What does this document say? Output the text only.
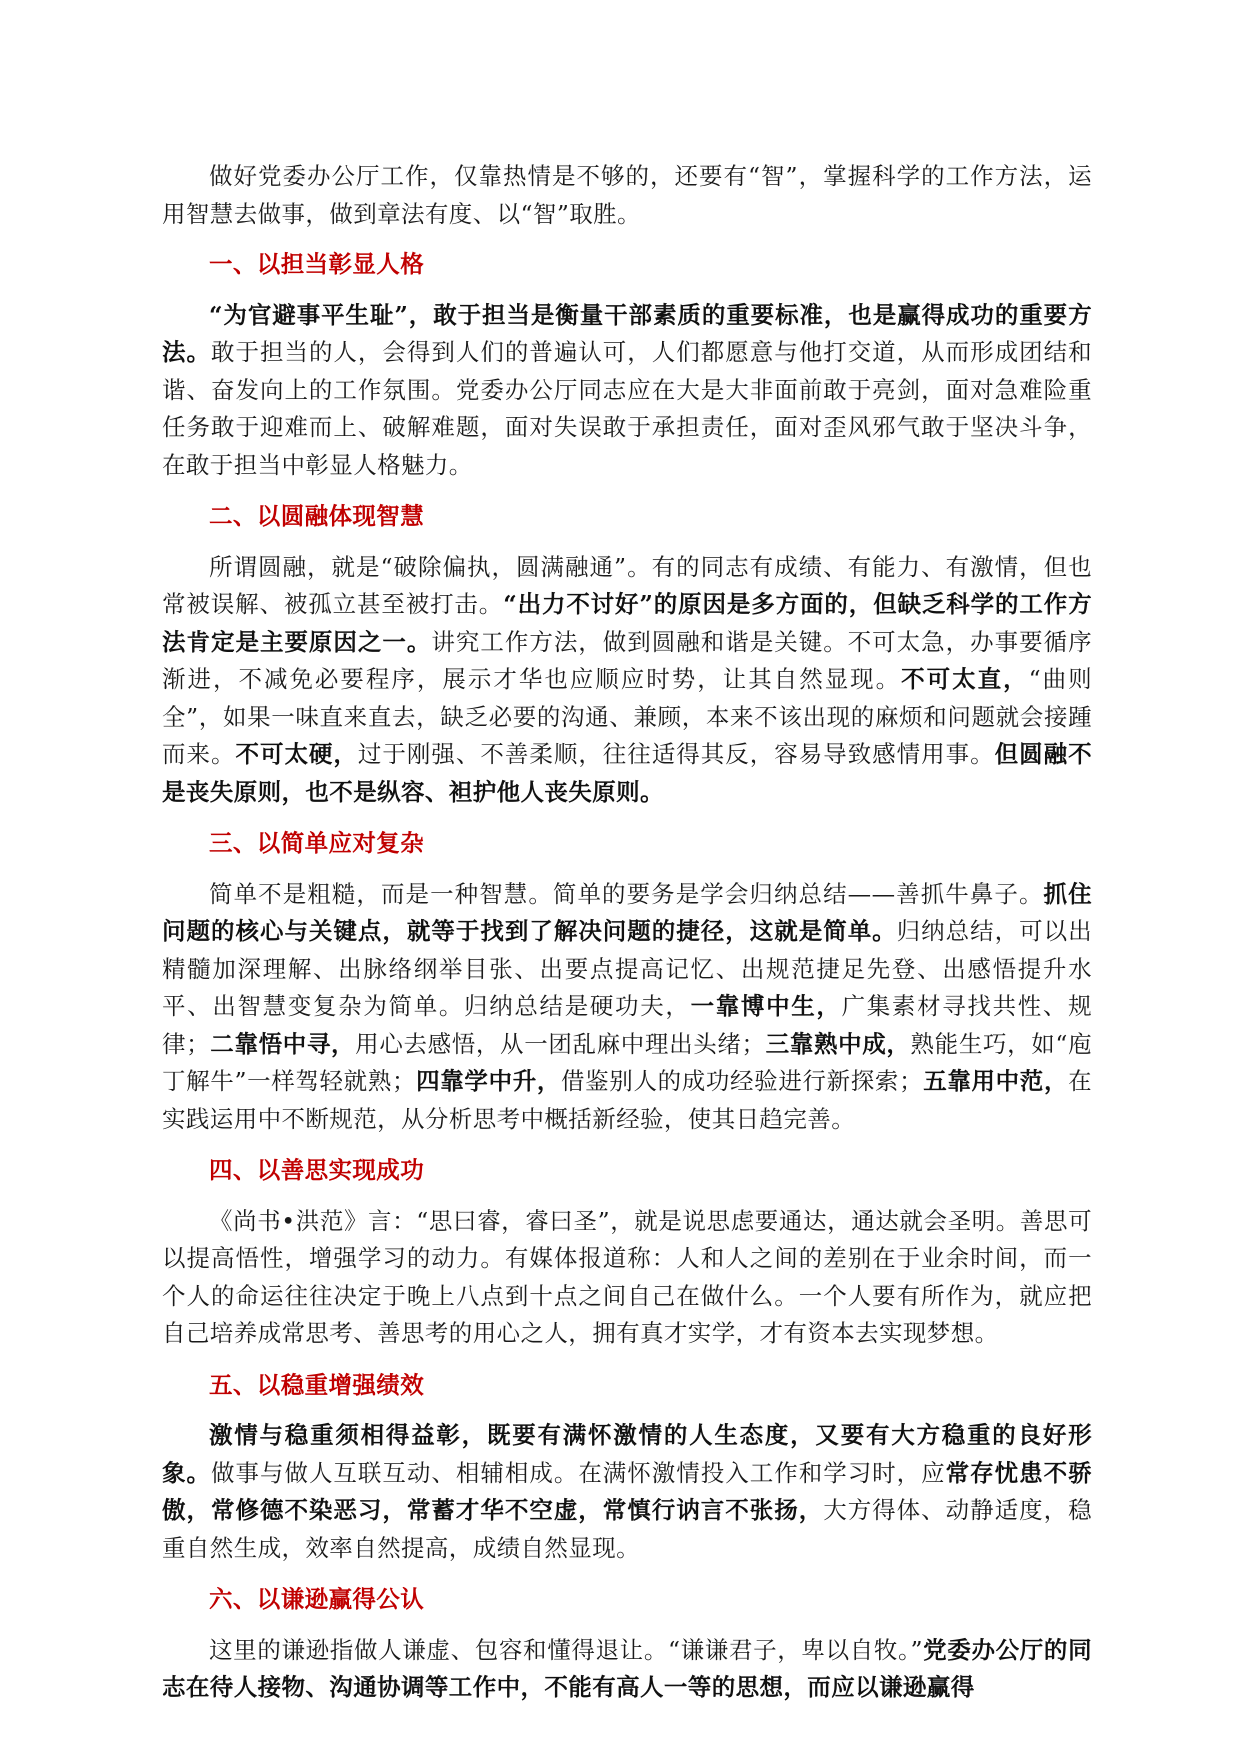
做好党委办公厅工作，仅靠热情是不够的，还要有“智”，掌握科学的工作方法，运用智慧去做事，做到章法有度、以“智”取胜。

一、以担当彰显人格

“为官避事平生耻”，敢于担当是衡量干部素质的重要标准，也是赢得成功的重要方法。敢于担当的人，会得到人们的普遍认可，人们都愿意与他打交道，从而形成团结和谐、奋发向上的工作氛围。党委办公厅同志应在大是大非面前敢于亮剑，面对急难险重任务敢于迎难而上、破解难题，面对失误敢于承担责任，面对歪风邪气敢于坚决斗争，在敢于担当中彰显人格魅力。

二、以圆融体现智慧

所谓圆融，就是“破除偏执，圆满融通”。有的同志有成绩、有能力、有激情，但也常被误解、被孤立甚至被打击。“出力不讨好”的原因是多方面的，但缺乏科学的工作方法肯定是主要原因之一。讲究工作方法，做到圆融和谐是关键。不可太急，办事要循序渐进，不减免必要程序，展示才华也应顺应时势，让其自然显现。不可太直，“曲则全”，如果一味直来直去，缺乏必要的沟通、兼顾，本来不该出现的麻烦和问题就会接踵而来。不可太硬，过于刚强、不善柔顺，往往适得其反，容易导致感情用事。但圆融不是丧失原则，也不是纵容、袒护他人丧失原则。

三、以简单应对复杂

简单不是粗糙，而是一种智慧。简单的要务是学会归纳总结——善抓牛鼻子。抓住问题的核心与关键点，就等于找到了解决问题的捷径，这就是简单。归纳总结，可以出精髓加深理解、出脉络纲举目张、出要点提高记忆、出规范捷足先登、出感悟提升水平、出智慧变复杂为简单。归纳总结是硬功夫，一靠博中生，广集素材寻找共性、规律；二靠悟中寻，用心去感悟，从一团乱麻中理出头绪；三靠熟中成，熟能生巧，如“庖丁解牛”一样驾轻就熟；四靠学中升，借鉴别人的成功经验进行新探索；五靠用中范，在实践运用中不断规范，从分析思考中概括新经验，使其日趋完善。

四、以善思实现成功

《尚书•洪范》言：“思曰睿，睿曰圣”，就是说思虑要通达，通达就会圣明。善思可以提高悟性，增强学习的动力。有媒体报道称：人和人之间的差别在于业余时间，而一个人的命运往往决定于晚上八点到十点之间自己在做什么。一个人要有所作为，就应把自己培养成常思考、善思考的用心之人，拥有真才实学，才有资本去实现梦想。

五、以稳重增强绩效

激情与稳重须相得益彰，既要有满怀激情的人生态度，又要有大方稳重的良好形象。做事与做人互联互动、相辅相成。在满怀激情投入工作和学习时，应常存忧患不骄傲，常修德不染恶习，常蓄才华不空虚，常慎行讷言不张扬，大方得体、动静适度，稳重自然生成，效率自然提高，成绩自然显现。

六、以谦逊赢得公认

这里的谦逊指做人谦虚、包容和懂得退让。“谦谦君子，卑以自牧。”党委办公厅的同志在待人接物、沟通协调等工作中，不能有高人一等的思想，而应以谦逊赢得
